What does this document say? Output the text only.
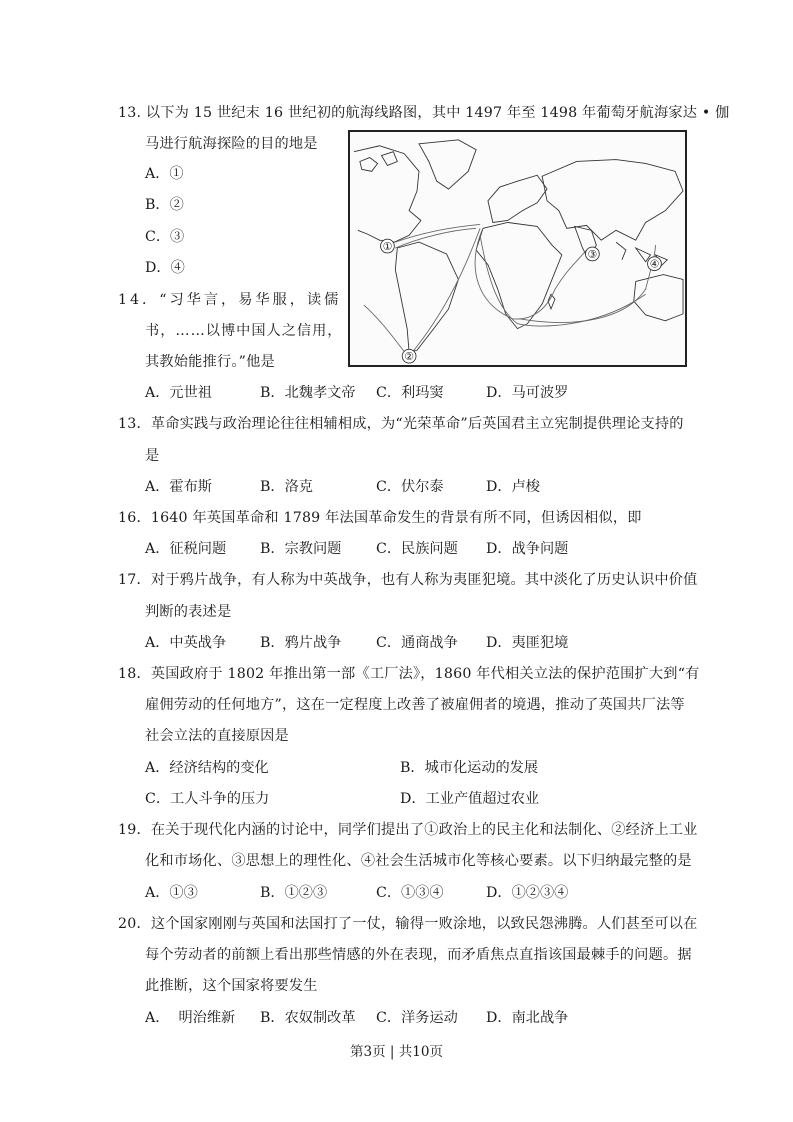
13. 以下为 15 世纪末 16 世纪初的航海线路图，其中 1497 年至 1498 年葡萄牙航海家达 • 伽
马进行航海探险的目的地是
A．①
B．②
C．③
D．④
①
②
③
④
14．“习华言，易华服，读儒
书，……以博中国人之信用，
其教始能推行。”他是
A．元世祖	B．北魏孝文帝 C．利玛窦	D．马可波罗
13．革命实践与政治理论往往相辅相成，为“光荣革命”后英国君主立宪制提供理论支持的
是
A．霍布斯	B．洛克	C．伏尔泰	D．卢梭
16．1640 年英国革命和 1789 年法国革命发生的背景有所不同，但诱因相似，即
A．征税问题 B．宗教问题 C．民族问题 D．战争问题
17．对于鸦片战争，有人称为中英战争，也有人称为夷匪犯境。其中淡化了历史认识中价值
判断的表述是
A．中英战争 B．鸦片战争 C．通商战争 D．夷匪犯境
18．英国政府于 1802 年推出第一部《工厂法》，1860 年代相关立法的保护范围扩大到“有
雇佣劳动的任何地方”，这在一定程度上改善了被雇佣者的境遇，推动了英国共厂法等
社会立法的直接原因是
A．经济结构的变化	B．城市化运动的发展
C．工人斗争的压力	D．工业产值超过农业
19．在关于现代化内涵的讨论中，同学们提出了①政治上的民主化和法制化、②经济上工业
化和市场化、③思想上的理性化、④社会生活城市化等核心要素。以下归纳最完整的是
A．①③	B．①②③	C．①③④	D．①②③④
20．这个国家刚刚与英国和法国打了一仗，输得一败涂地，以致民怨沸腾。人们甚至可以在
每个劳动者的前额上看出那些情感的外在表现，而矛盾焦点直指该国最棘手的问题。据
此推断，这个国家将要发生
A．  明治维新 B．农奴制改革 C．洋务运动 D．南北战争
第3页 | 共10页
